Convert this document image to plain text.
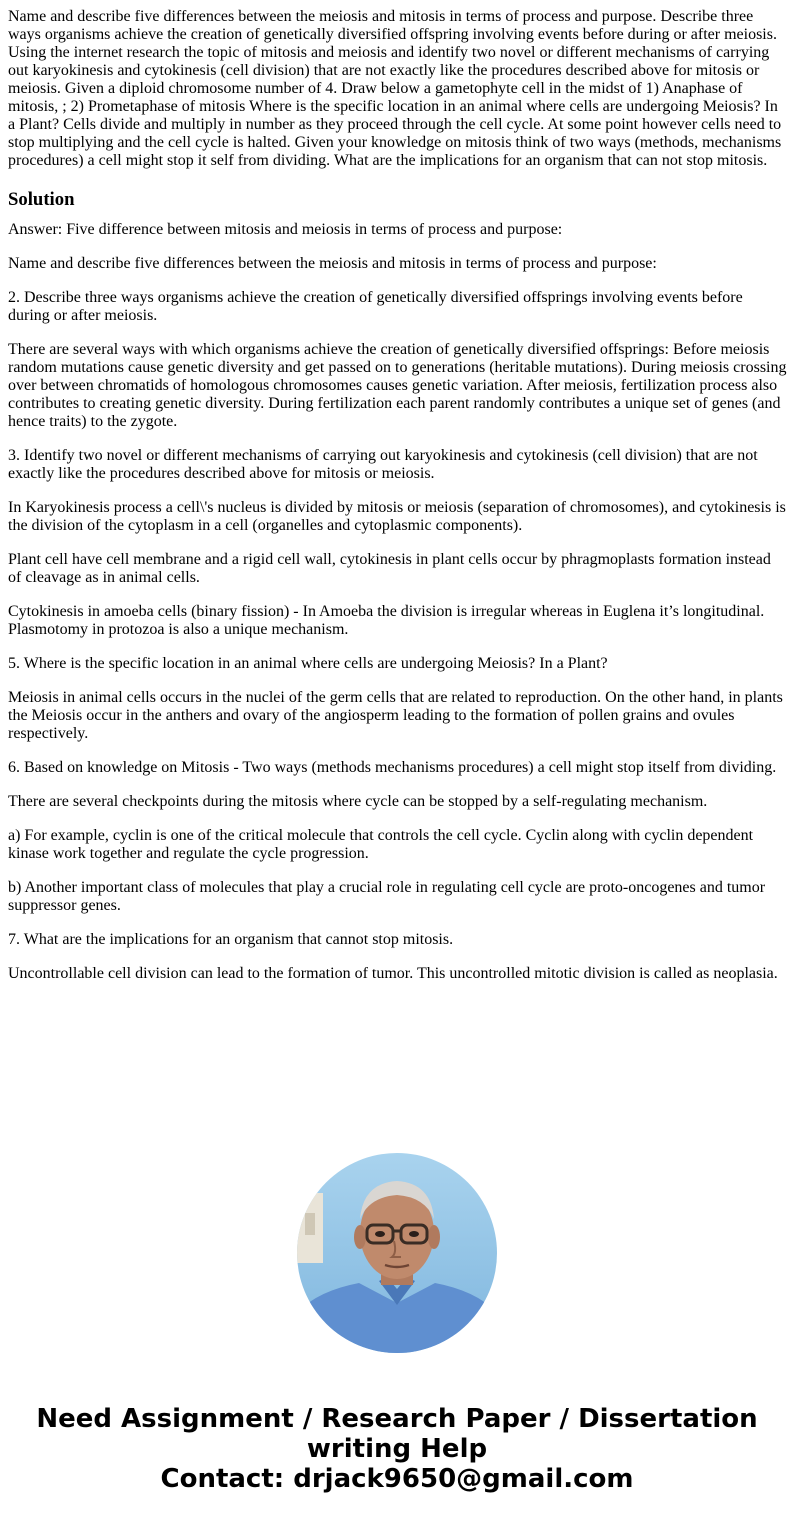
Name and describe five differences between the meiosis and mitosis in terms of process and purpose. Describe three ways organisms achieve the creation of genetically diversified offspring involving events before during or after meiosis. Using the internet research the topic of mitosis and meiosis and identify two novel or different mechanisms of carrying out karyokinesis and cytokinesis (cell division) that are not exactly like the procedures described above for mitosis or meiosis. Given a diploid chromosome number of 4. Draw below a gametophyte cell in the midst of 1) Anaphase of mitosis, ; 2) Prometaphase of mitosis Where is the specific location in an animal where cells are undergoing Meiosis? In a Plant? Cells divide and multiply in number as they proceed through the cell cycle. At some point however cells need to stop multiplying and the cell cycle is halted. Given your knowledge on mitosis think of two ways (methods, mechanisms procedures) a cell might stop it self from dividing. What are the implications for an organism that can not stop mitosis.

Solution

Answer: Five difference between mitosis and meiosis in terms of process and purpose:

Name and describe five differences between the meiosis and mitosis in terms of process and purpose:

2. Describe three ways organisms achieve the creation of genetically diversified offsprings involving events before during or after meiosis.

There are several ways with which organisms achieve the creation of genetically diversified offsprings: Before meiosis random mutations cause genetic diversity and get passed on to generations (heritable mutations). During meiosis crossing over between chromatids of homologous chromosomes causes genetic variation. After meiosis, fertilization process also contributes to creating genetic diversity. During fertilization each parent randomly contributes a unique set of genes (and hence traits) to the zygote.

3. Identify two novel or different mechanisms of carrying out karyokinesis and cytokinesis (cell division) that are not exactly like the procedures described above for mitosis or meiosis.

In Karyokinesis process a cell\'s nucleus is divided by mitosis or meiosis (separation of chromosomes), and cytokinesis is the division of the cytoplasm in a cell (organelles and cytoplasmic components).

Plant cell have cell membrane and a rigid cell wall, cytokinesis in plant cells occur by phragmoplasts formation instead of cleavage as in animal cells.

Cytokinesis in amoeba cells (binary fission) - In Amoeba the division is irregular whereas in Euglena it’s longitudinal. Plasmotomy in protozoa is also a unique mechanism.

5. Where is the specific location in an animal where cells are undergoing Meiosis? In a Plant?

Meiosis in animal cells occurs in the nuclei of the germ cells that are related to reproduction. On the other hand, in plants the Meiosis occur in the anthers and ovary of the angiosperm leading to the formation of pollen grains and ovules respectively.

6. Based on knowledge on Mitosis - Two ways (methods mechanisms procedures) a cell might stop itself from dividing.

There are several checkpoints during the mitosis where cycle can be stopped by a self-regulating mechanism.

a) For example, cyclin is one of the critical molecule that controls the cell cycle. Cyclin along with cyclin dependent kinase work together and regulate the cycle progression.

b) Another important class of molecules that play a crucial role in regulating cell cycle are proto-oncogenes and tumor suppressor genes.

7. What are the implications for an organism that cannot stop mitosis.

Uncontrollable cell division can lead to the formation of tumor. This uncontrolled mitotic division is called as neoplasia.

Need Assignment / Research Paper / Dissertation
writing Help
Contact: drjack9650@gmail.com
